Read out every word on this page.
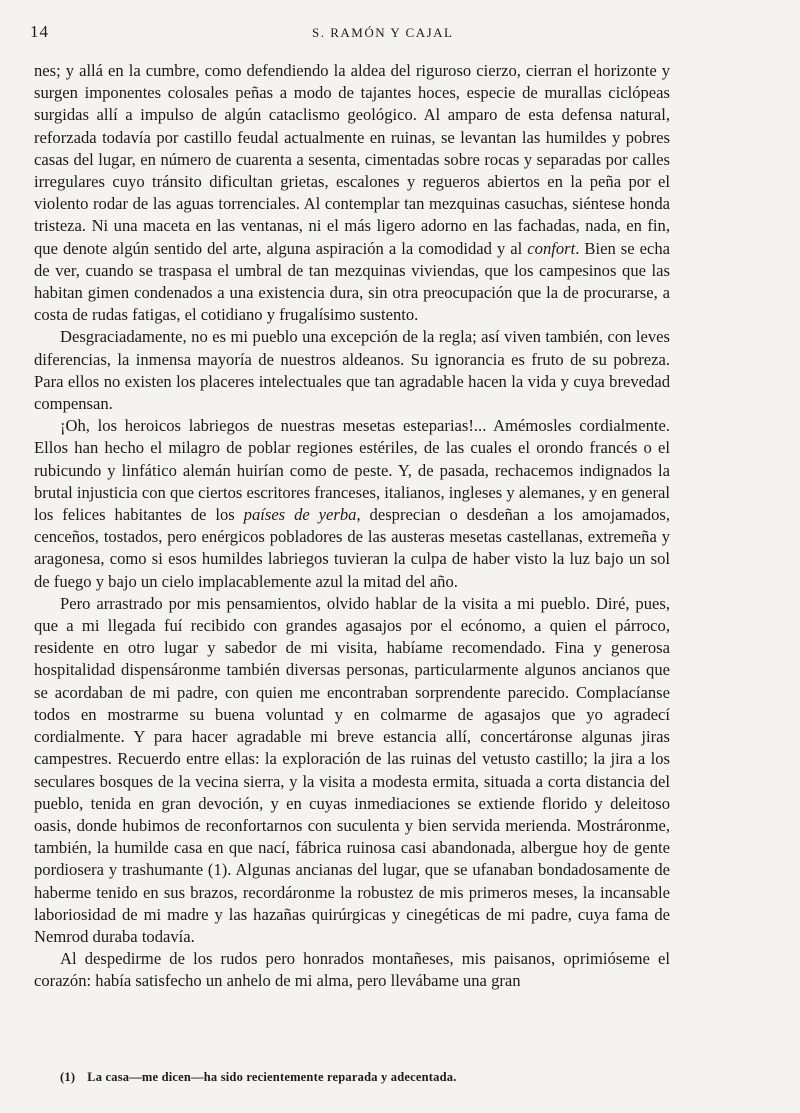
14	S. RAMÓN Y CAJAL

nes; y allá en la cumbre, como defendiendo la aldea del riguroso cierzo, cierran el horizonte y surgen imponentes colosales peñas a modo de tajantes hoces, especie de murallas ciclópeas surgidas allí a impulso de algún cataclismo geológico. Al amparo de esta defensa natural, reforzada todavía por castillo feudal actualmente en ruinas, se levantan las humildes y pobres casas del lugar, en número de cuarenta a sesenta, cimentadas sobre rocas y separadas por calles irregulares cuyo tránsito dificultan grietas, escalones y regueros abiertos en la peña por el violento rodar de las aguas torrenciales. Al contemplar tan mezquinas casuchas, siéntese honda tristeza. Ni una maceta en las ventanas, ni el más ligero adorno en las fachadas, nada, en fin, que denote algún sentido del arte, alguna aspiración a la comodidad y al confort. Bien se echa de ver, cuando se traspasa el umbral de tan mezquinas viviendas, que los campesinos que las habitan gimen condenados a una existencia dura, sin otra preocupación que la de procurarse, a costa de rudas fatigas, el cotidiano y frugalísimo sustento.

Desgraciadamente, no es mi pueblo una excepción de la regla; así viven también, con leves diferencias, la inmensa mayoría de nuestros aldeanos. Su ignorancia es fruto de su pobreza. Para ellos no existen los placeres intelectuales que tan agradable hacen la vida y cuya brevedad compensan.

¡Oh, los heroicos labriegos de nuestras mesetas esteparias!... Amémosles cordialmente. Ellos han hecho el milagro de poblar regiones estériles, de las cuales el orondo francés o el rubicundo y linfático alemán huirían como de peste. Y, de pasada, rechacemos indignados la brutal injusticia con que ciertos escritores franceses, italianos, ingleses y alemanes, y en general los felices habitantes de los países de yerba, desprecian o desdeñan a los amojamados, cenceños, tostados, pero enérgicos pobladores de las austeras mesetas castellanas, extremeña y aragonesa, como si esos humildes labriegos tuvieran la culpa de haber visto la luz bajo un sol de fuego y bajo un cielo implacablemente azul la mitad del año.

Pero arrastrado por mis pensamientos, olvido hablar de la visita a mi pueblo. Diré, pues, que a mi llegada fuí recibido con grandes agasajos por el ecónomo, a quien el párroco, residente en otro lugar y sabedor de mi visita, habíame recomendado. Fina y generosa hospitalidad dispensáronme también diversas personas, particularmente algunos ancianos que se acordaban de mi padre, con quien me encontraban sorprendente parecido. Complacíanse todos en mostrarme su buena voluntad y en colmarme de agasajos que yo agradecí cordialmente. Y para hacer agradable mi breve estancia allí, concertáronse algunas jiras campestres. Recuerdo entre ellas: la exploración de las ruinas del vetusto castillo; la jira a los seculares bosques de la vecina sierra, y la visita a modesta ermita, situada a corta distancia del pueblo, tenida en gran devoción, y en cuyas inmediaciones se extiende florido y deleitoso oasis, donde hubimos de reconfortarnos con suculenta y bien servida merienda. Mostráronme, también, la humilde casa en que nací, fábrica ruinosa casi abandonada, albergue hoy de gente pordiosera y trashumante (1). Algunas ancianas del lugar, que se ufanaban bondadosamente de haberme tenido en sus brazos, recordáronme la robustez de mis primeros meses, la incansable laboriosidad de mi madre y las hazañas quirúrgicas y cinegéticas de mi padre, cuya fama de Nemrod duraba todavía.

Al despedirme de los rudos pero honrados montañeses, mis paisanos, oprimióseme el corazón: había satisfecho un anhelo de mi alma, pero llevábame una gran

(1) La casa—me dicen—ha sido recientemente reparada y adecentada.
